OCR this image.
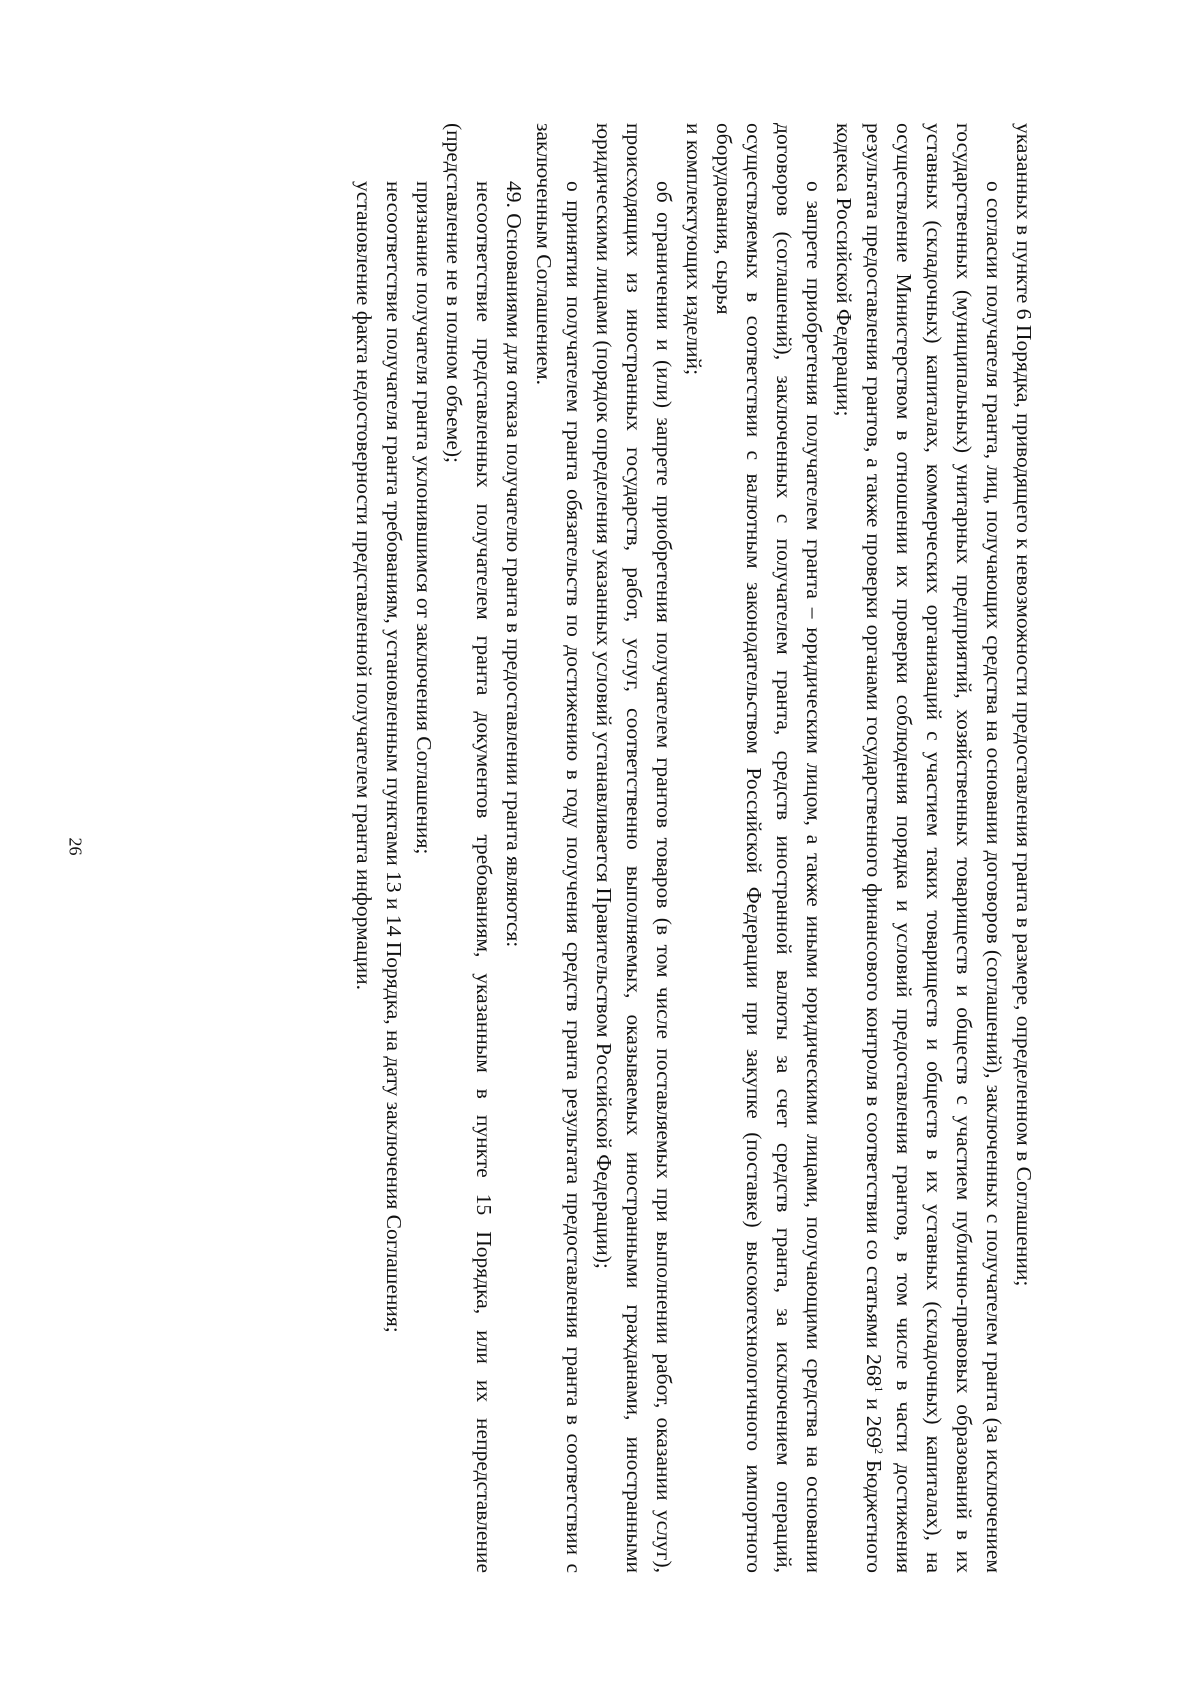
26	указанных в пункте 6 Порядка, приводящего к невозможности предоставления гранта в размере, определенном в Соглашении;

о согласии получателя гранта, лиц, получающих средства на основании договоров (соглашений), заключенных с получателем гранта (за исключением государственных (муниципальных) унитарных предприятий, хозяйственных товариществ и обществ с участием публично-правовых образований в их уставных (складочных) капиталах, коммерческих организаций с участием таких товариществ и обществ в их уставных (складочных) капиталах), на осуществление Министерством в отношении их проверки соблюдения порядка и условий предоставления грантов, в том числе в части достижения результата предоставления грантов, а также проверки органами государственного финансового контроля в соответствии со статьями $268^1$ и $269^2$ Бюджетного кодекса Российской Федерации;

о запрете приобретения получателем гранта – юридическим лицом, а также иными юридическими лицами, получающими средства на основании договоров (соглашений), заключенных с получателем гранта, средств иностранной валюты за счет средств гранта, за исключением операций, осуществляемых в соответствии с валютным законодательством Российской Федерации при закупке (поставке) высокотехнологичного импортного оборудования, сырья

и комплектующих изделий;

об ограничении и (или) запрете приобретения получателем грантов товаров (в том числе поставляемых при выполнении работ, оказании услуг), происходящих из иностранных государств, работ, услуг, соответственно выполняемых, оказываемых иностранными гражданами, иностранными юридическими лицами (порядок определения указанных условий устанавливается Правительством Российской Федерации);

о принятии получателем гранта обязательств по достижению в году получения средств гранта результата предоставления гранта в соответствии с заключенным Соглашением.

49. Основаниями для отказа получателю гранта в предоставлении гранта являются:

несоответствие представленных получателем гранта документов требованиям, указанным в пункте 15 Порядка, или их непредставление (представление не в полном объеме);

признание получателя гранта уклонившимся от заключения Соглашения;

несоответствие получателя гранта требованиям, установленным пунктами 13 и 14 Порядка, на дату заключения Соглашения;

установление факта недостоверности представленной получателем гранта информации.
